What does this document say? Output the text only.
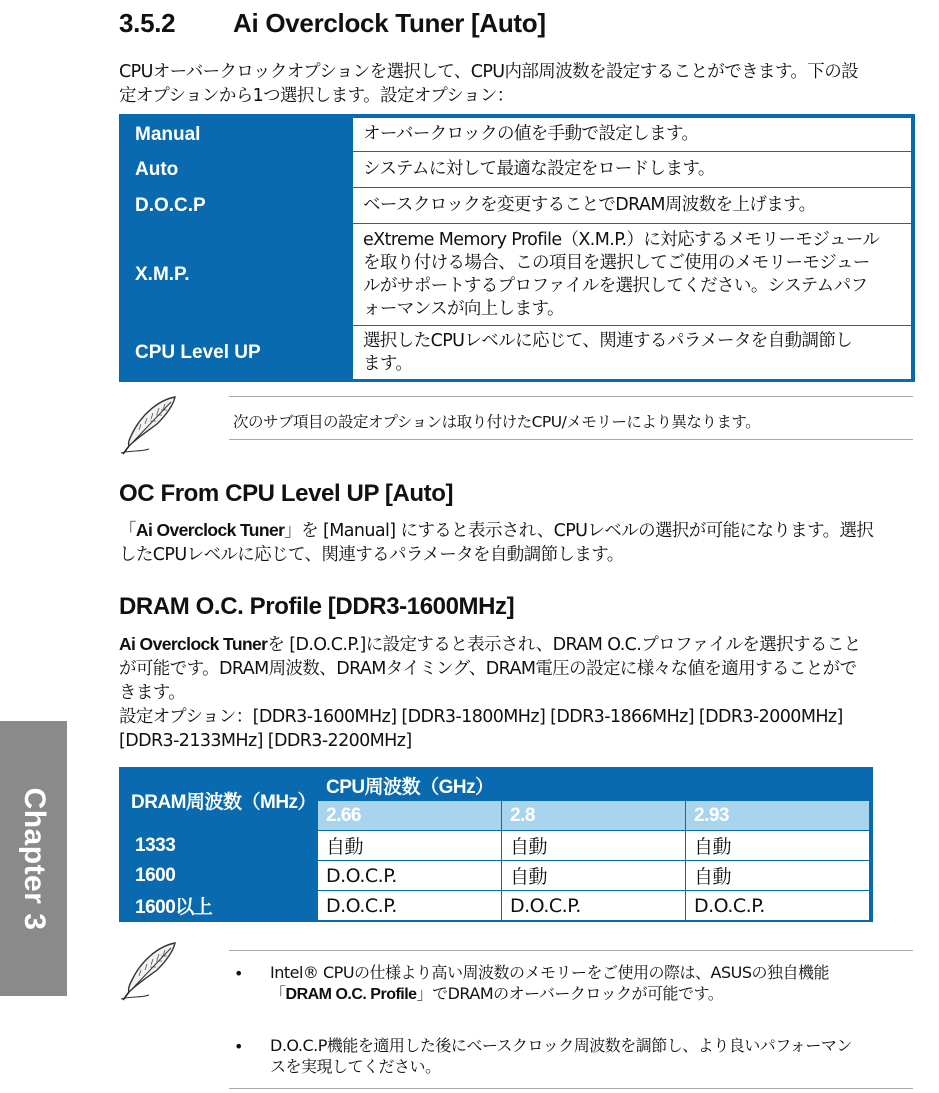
3.5.2 Ai Overclock Tuner [Auto]
CPUオーバークロックオプションを選択して、CPU内部周波数を設定することができます。下の設
定オプションから1つ選択します。設定オプション：
Manual	オーバークロックの値を手動で設定します。

Auto	システムに対して最適な設定をロードします。

D.O.C.P	ベースクロックを変更することでDRAM周波数を上げます。

X.M.P.	eXtreme Memory Profile（X.M.P.）に対応するメモリーモジュール
を取り付ける場合、この項目を選択してご使用のメモリーモジュー
ルがサポートするプロファイルを選択してください。システムパフ
ォーマンスが向上します。

CPU Level UP	選択したCPUレベルに応じて、関連するパラメータを自動調節し
ます。
次のサブ項目の設定オプションは取り付けたCPU/メモリーにより異なります。
OC From CPU Level UP [Auto]
「Ai Overclock Tuner」を [Manual] にすると表示され、CPUレベルの選択が可能になります。選択
したCPUレベルに応じて、関連するパラメータを自動調節します。
DRAM O.C. Profile [DDR3-1600MHz]
Ai Overclock Tunerを [D.O.C.P.]に設定すると表示され、DRAM O.C.プロファイルを選択すること
が可能です。DRAM周波数、DRAMタイミング、DRAM電圧の設定に様々な値を適用することがで
きます。
設定オプション：[DDR3-1600MHz] [DDR3-1800MHz] [DDR3-1866MHz] [DDR3-2000MHz]
[DDR3-2133MHz] [DDR3-2200MHz]
DRAM周波数（MHz）	CPU周波数（GHz）		
	2.66	2.8	2.93
1333	自動	自動	自動
1600	D.O.C.P.	自動	自動
1600以上	D.O.C.P.	D.O.C.P.	D.O.C.P.
• Intel® CPUの仕様より高い周波数のメモリーをご使用の際は、ASUSの独自機能
「DRAM O.C. Profile」でDRAMのオーバークロックが可能です。
• D.O.C.P機能を適用した後にベースクロック周波数を調節し、より良いパフォーマン
スを実現してください。
Chapter 3
